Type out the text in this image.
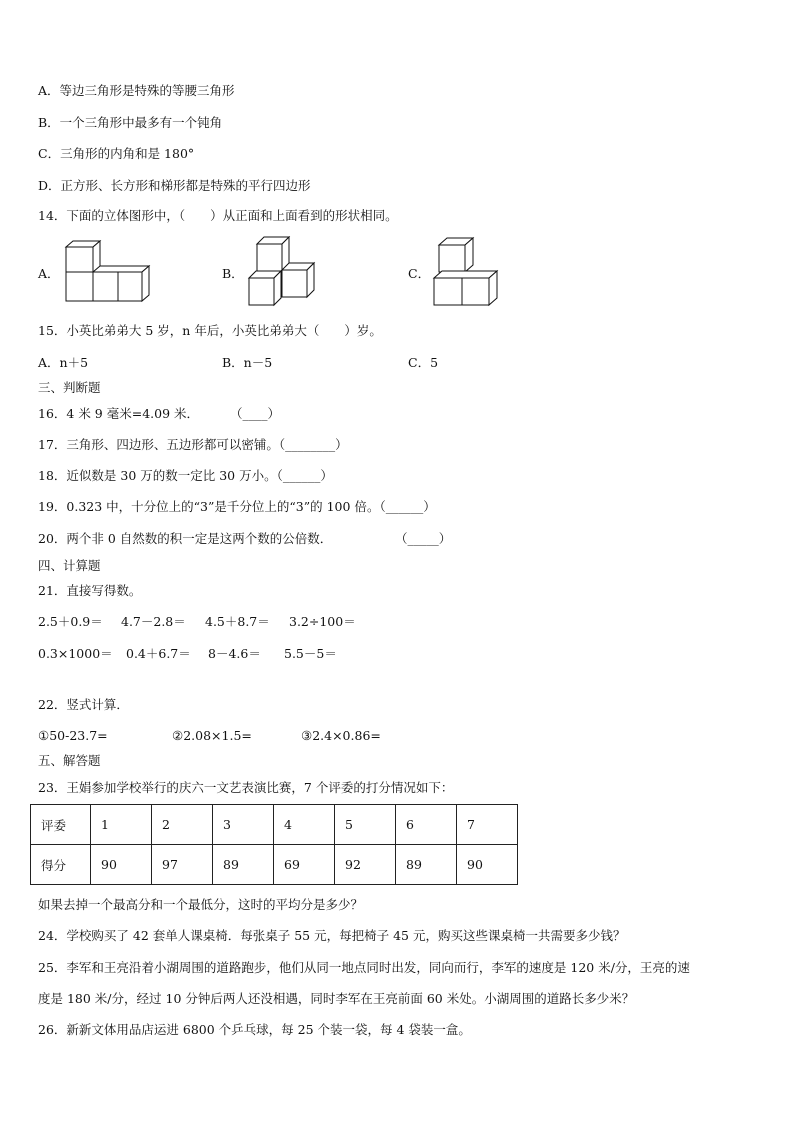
A．等边三角形是特殊的等腰三角形
B．一个三角形中最多有一个钝角
C．三角形的内角和是 180°
D．正方形、长方形和梯形都是特殊的平行四边形
14．下面的立体图形中，（　　）从正面和上面看到的形状相同。
A．	B．	C．
15．小英比弟弟大 5 岁，n 年后，小英比弟弟大（　　）岁。
A．n＋5	B．n－5	C．5
三、判断题
16．4 米 9 毫米=4.09 米． （____）
17．三角形、四边形、五边形都可以密铺。（________）
18．近似数是 30 万的数一定比 30 万小。（______）
19．0.323 中，十分位上的“3”是千分位上的“3”的 100 倍。（______）
20．两个非 0 自然数的积一定是这两个数的公倍数．	（_____）
四、计算题
21．直接写得数。
2.5＋0.9＝ 4.7－2.8＝ 4.5＋8.7＝ 3.2÷100＝
0.3×1000＝ 0.4＋6.7＝ 8－4.6＝ 5.5－5＝
22．竖式计算．
①50-23.7=	②2.08×1.5=	③2.4×0.86=
五、解答题
23．王娟参加学校举行的庆六一文艺表演比赛，7 个评委的打分情况如下：
评委	1	2	3	4	5	6	7
得分	90	97	89	69	92	89	90
如果去掉一个最高分和一个最低分，这时的平均分是多少？
24．学校购买了 42 套单人课桌椅．每张桌子 55 元，每把椅子 45 元，购买这些课桌椅一共需要多少钱？
25．李军和王亮沿着小湖周围的道路跑步，他们从同一地点同时出发，同向而行，李军的速度是 120 米/分，王亮的速
度是 180 米/分，经过 10 分钟后两人还没相遇，同时李军在王亮前面 60 米处。小湖周围的道路长多少米？
26．新新文体用品店运进 6800 个乒乓球，每 25 个装一袋，每 4 袋装一盒。
